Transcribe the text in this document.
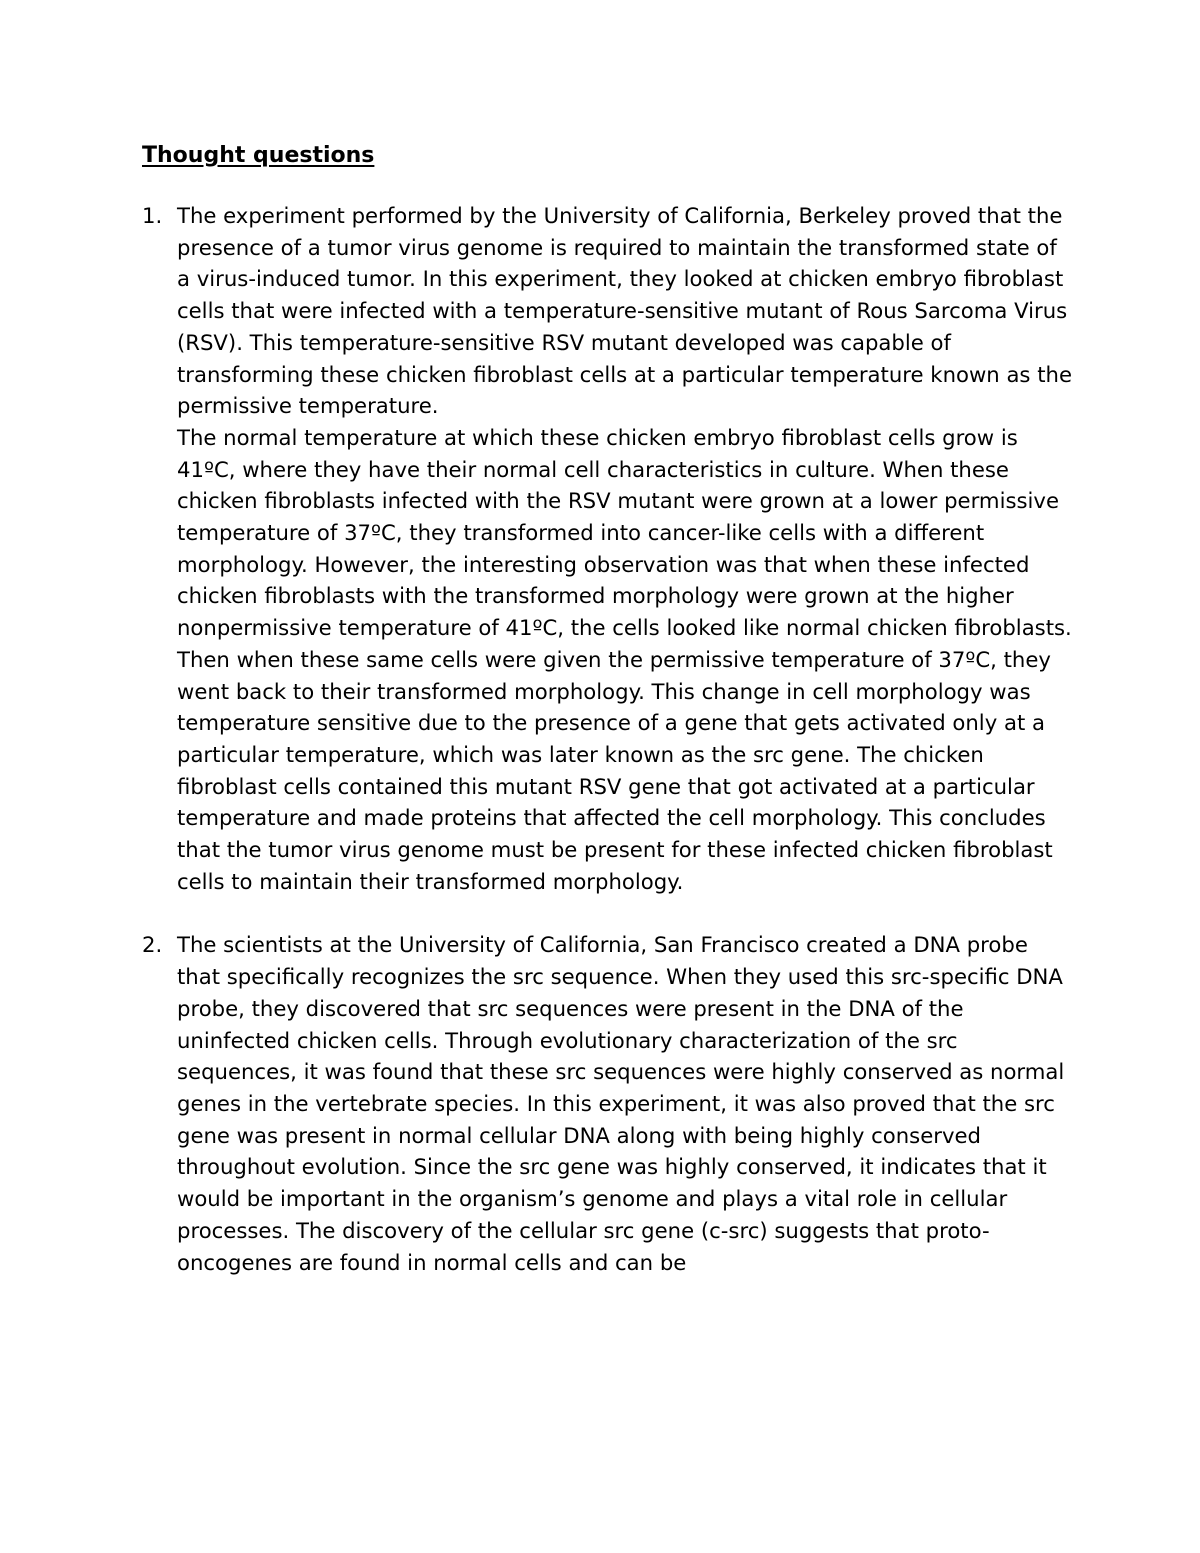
Thought questions
1. The experiment performed by the University of California, Berkeley proved that the presence of a tumor virus genome is required to maintain the transformed state of a virus-induced tumor. In this experiment, they looked at chicken embryo fibroblast cells that were infected with a temperature-sensitive mutant of Rous Sarcoma Virus (RSV). This temperature-sensitive RSV mutant developed was capable of transforming these chicken fibroblast cells at a particular temperature known as the permissive temperature.

The normal temperature at which these chicken embryo fibroblast cells grow is 41ºC, where they have their normal cell characteristics in culture. When these chicken fibroblasts infected with the RSV mutant were grown at a lower permissive temperature of 37ºC, they transformed into cancer-like cells with a different morphology. However, the interesting observation was that when these infected chicken fibroblasts with the transformed morphology were grown at the higher nonpermissive temperature of 41ºC, the cells looked like normal chicken fibroblasts. Then when these same cells were given the permissive temperature of 37ºC, they went back to their transformed morphology. This change in cell morphology was temperature sensitive due to the presence of a gene that gets activated only at a particular temperature, which was later known as the src gene. The chicken fibroblast cells contained this mutant RSV gene that got activated at a particular temperature and made proteins that affected the cell morphology. This concludes that the tumor virus genome must be present for these infected chicken fibroblast cells to maintain their transformed morphology.

2. The scientists at the University of California, San Francisco created a DNA probe that specifically recognizes the src sequence. When they used this src-specific DNA probe, they discovered that src sequences were present in the DNA of the uninfected chicken cells. Through evolutionary characterization of the src sequences, it was found that these src sequences were highly conserved as normal genes in the vertebrate species. In this experiment, it was also proved that the src gene was present in normal cellular DNA along with being highly conserved throughout evolution. Since the src gene was highly conserved, it indicates that it would be important in the organism’s genome and plays a vital role in cellular processes. The discovery of the cellular src gene (c-src) suggests that proto-oncogenes are found in normal cells and can be
